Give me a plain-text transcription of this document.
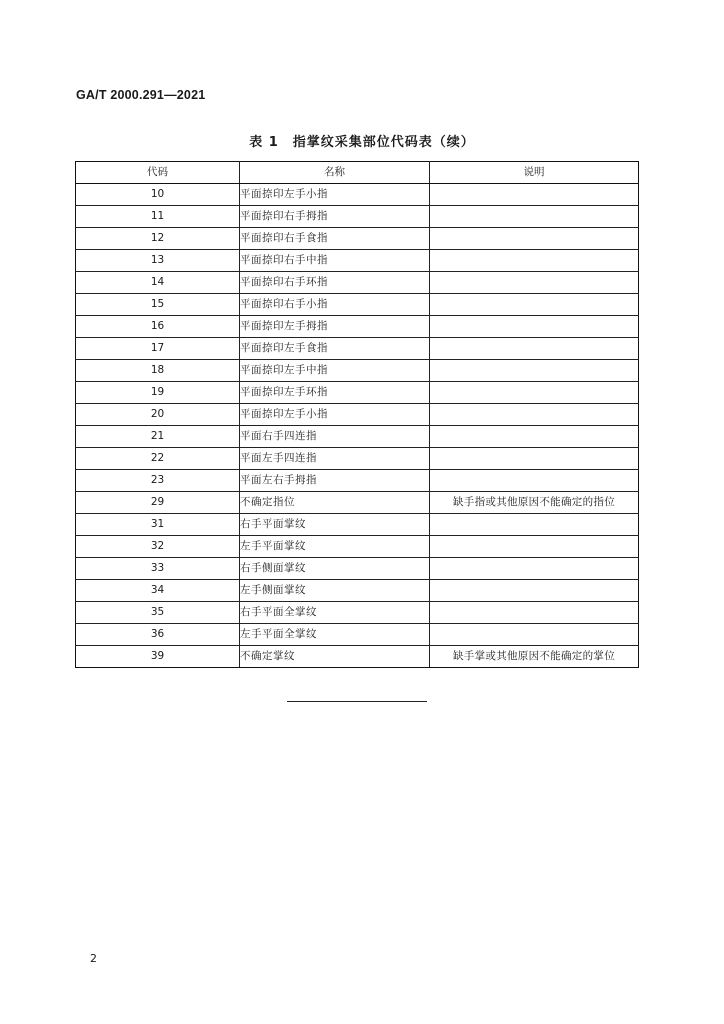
GA/T 2000.291—2021
表 1　指掌纹采集部位代码表（续）
代码	名称	说明
10	平面捺印左手小指	
11	平面捺印右手拇指	
12	平面捺印右手食指	
13	平面捺印右手中指	
14	平面捺印右手环指	
15	平面捺印右手小指	
16	平面捺印左手拇指	
17	平面捺印左手食指	
18	平面捺印左手中指	
19	平面捺印左手环指	
20	平面捺印左手小指	
21	平面右手四连指	
22	平面左手四连指	
23	平面左右手拇指	
29	不确定指位	缺手指或其他原因不能确定的指位
31	右手平面掌纹	
32	左手平面掌纹	
33	右手侧面掌纹	
34	左手侧面掌纹	
35	右手平面全掌纹	
36	左手平面全掌纹	
39	不确定掌纹	缺手掌或其他原因不能确定的掌位
2
